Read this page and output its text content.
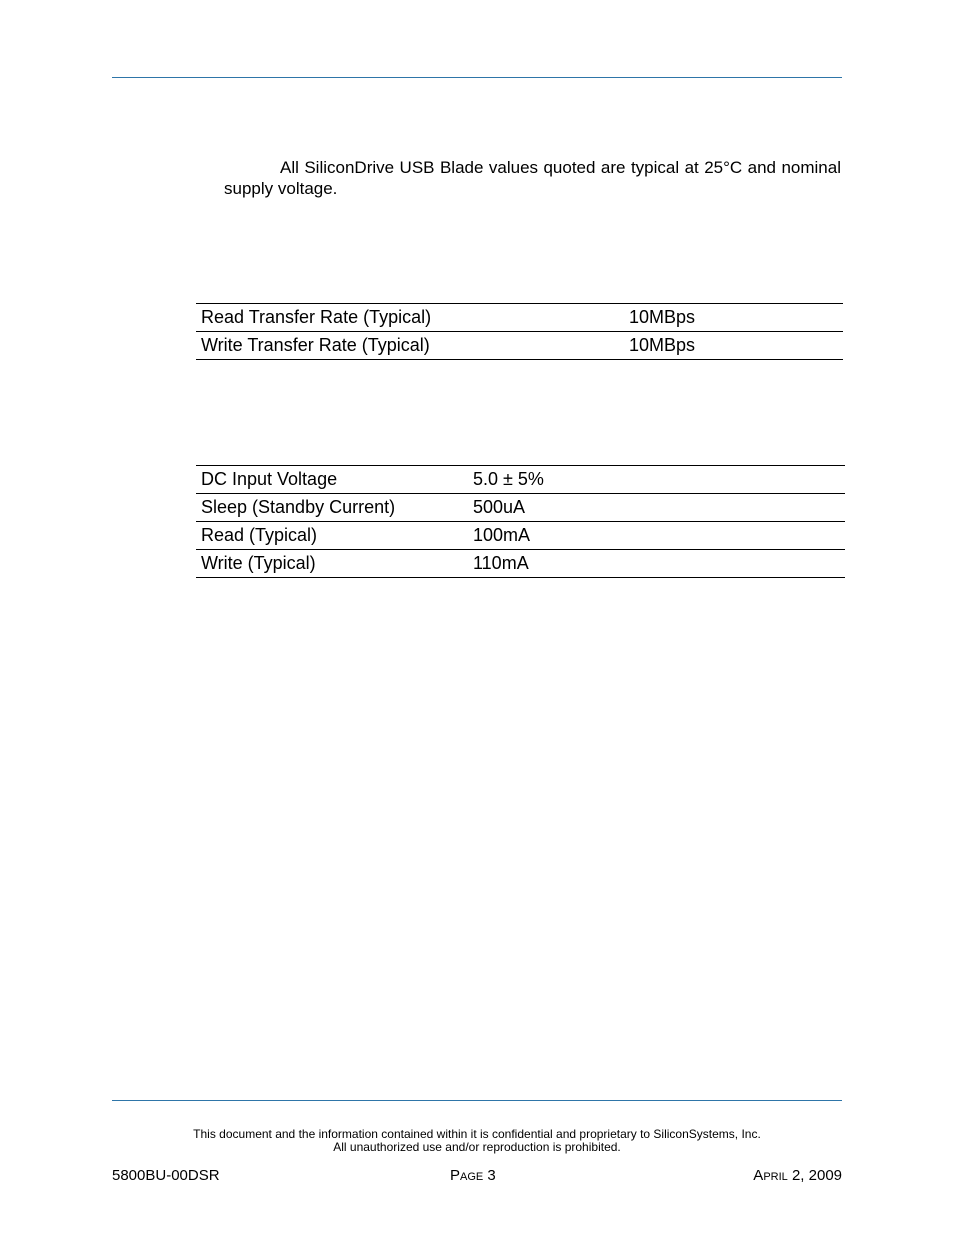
All SiliconDrive USB Blade values quoted are typical at 25°C and nominal supply voltage.

Read Transfer Rate (Typical)	10MBps
Write Transfer Rate (Typical)	10MBps
DC Input Voltage	5.0 ± 5%
Sleep (Standby Current)	500uA
Read (Typical)	100mA
Write (Typical)	110mA
This document and the information contained within it is confidential and proprietary to SiliconSystems, Inc.
All unauthorized use and/or reproduction is prohibited.
5800BU-00DSR	PAGE 3	APRIL 2, 2009
